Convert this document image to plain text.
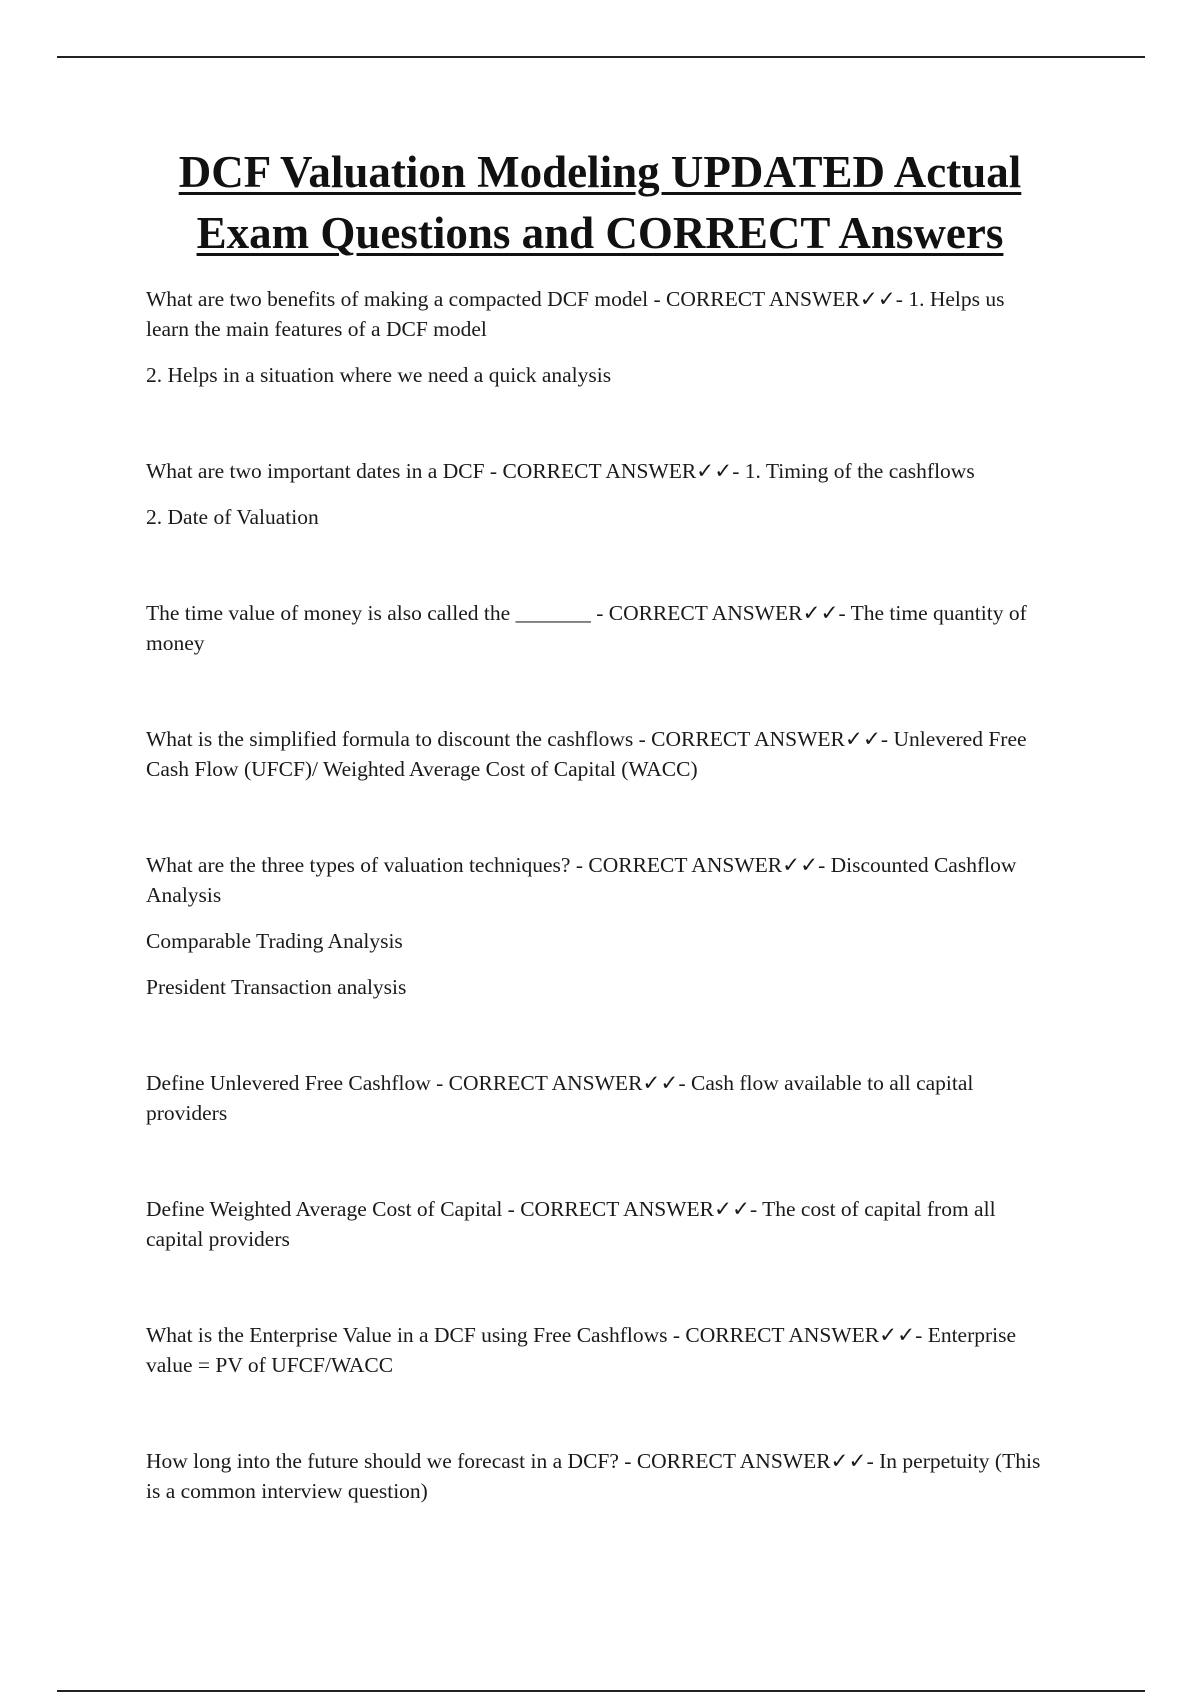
DCF Valuation Modeling UPDATED Actual
Exam Questions and CORRECT Answers

What are two benefits of making a compacted DCF model - CORRECT ANSWER✓✓- 1. Helps us learn the main features of a DCF model

2. Helps in a situation where we need a quick analysis

What are two important dates in a DCF - CORRECT ANSWER✓✓- 1. Timing of the cashflows

2. Date of Valuation

The time value of money is also called the _______ - CORRECT ANSWER✓✓- The time quantity of money

What is the simplified formula to discount the cashflows - CORRECT ANSWER✓✓- Unlevered Free Cash Flow (UFCF)/ Weighted Average Cost of Capital (WACC)

What are the three types of valuation techniques? - CORRECT ANSWER✓✓- Discounted Cashflow Analysis

Comparable Trading Analysis

President Transaction analysis

Define Unlevered Free Cashflow - CORRECT ANSWER✓✓- Cash flow available to all capital providers

Define Weighted Average Cost of Capital - CORRECT ANSWER✓✓- The cost of capital from all capital providers

What is the Enterprise Value in a DCF using Free Cashflows - CORRECT ANSWER✓✓- Enterprise value = PV of UFCF/WACC

How long into the future should we forecast in a DCF? - CORRECT ANSWER✓✓- In perpetuity (This is a common interview question)
